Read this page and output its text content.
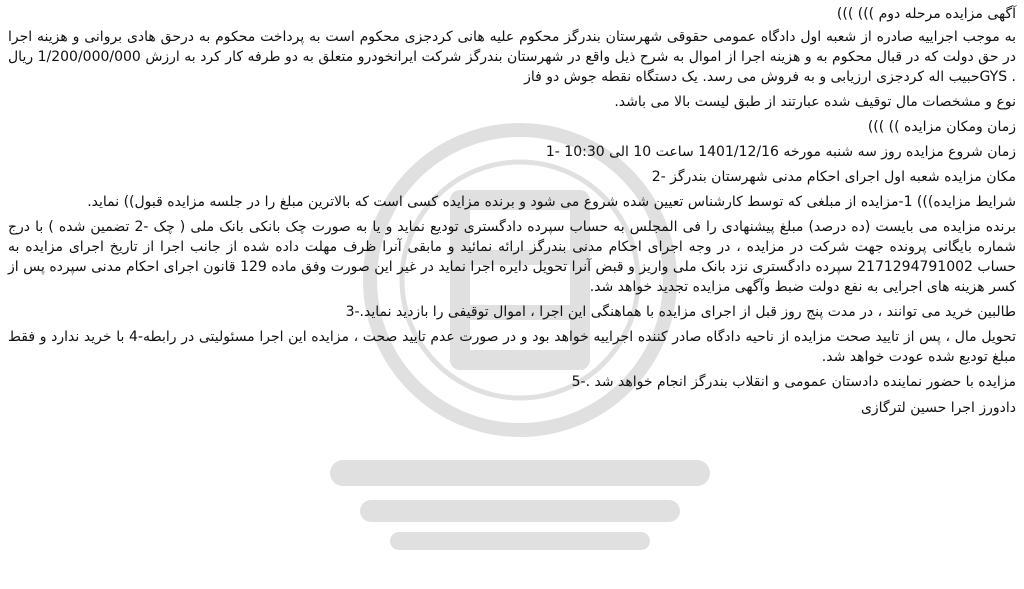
آگهی مزایده مرحله دوم ))) )))
به موجب اجراییه صادره از شعبه اول دادگاه عمومی حقوقی شهرستان بندرگز محکوم علیه هانی کردجزی محکوم است به پرداخت محکوم به درحق هادی بروانی و هزینه اجرا در حق دولت که در قبال محکوم به و هزینه اجرا از اموال به شرح ذیل واقع در شهرستان بندرگز شرکت ایرانخودرو متعلق به دو طرفه کار کرد به ارزش 1/200/000/000 ریال . GYSحبیب اله کردجزی ارزیابی و به فروش می رسد. یک دستگاه نقطه جوش دو فاز
نوع و مشخصات مال توقیف شده عبارتند از طبق لیست بالا می باشد.
زمان ومکان مزایده )) )))
زمان شروع مزایده روز سه شنبه مورخه 1401/12/16 ساعت 10 الی 10:30 -1
مکان مزایده شعبه اول اجرای احکام مدنی شهرستان بندرگز -2
شرایط مزایده))) 1-مزایده از مبلغی که توسط کارشناس تعیین شده شروع می شود و برنده مزایده کسی است که بالاترین مبلغ را در جلسه مزایده قبول)) نماید.
برنده مزایده می بایست (ده درصد) مبلغ پیشنهادی را فی المجلس به حساب سپرده دادگستری تودیع نماید و یا به صورت چک بانکی بانک ملی ( چک -2 تضمین شده ) با درج شماره بایگانی پرونده جهت شرکت در مزایده ، در وجه اجرای احکام مدنی بندرگز ارائه نمائید و مابقی آنرا ظرف مهلت داده شده از جانب اجرا از تاریخ اجرای مزایده به حساب 2171294791002 سپرده دادگستری نزد بانک ملی واریز و قبض آنرا تحویل دایره اجرا نماید در غیر این صورت وفق ماده 129 قانون اجرای احکام مدنی سپرده پس از کسر هزینه های اجرایی به نفع دولت ضبط وآگهی مزایده تجدید خواهد شد.
طالبین خرید می توانند ، در مدت پنج روز قبل از اجرای مزایده با هماهنگی این اجرا ، اموال توقیفی را بازدید نماید.-3
تحویل مال ، پس از تایید صحت مزایده از ناحیه دادگاه صادر کننده اجراییه خواهد بود و در صورت عدم تایید صحت ، مزایده این اجرا مسئولیتی در رابطه-4 با خرید ندارد و فقط مبلغ تودیع شده عودت خواهد شد.
مزایده با حضور نماینده دادستان عمومی و انقلاب بندرگز انجام خواهد شد .-5
دادورز اجرا حسین لترگازی
